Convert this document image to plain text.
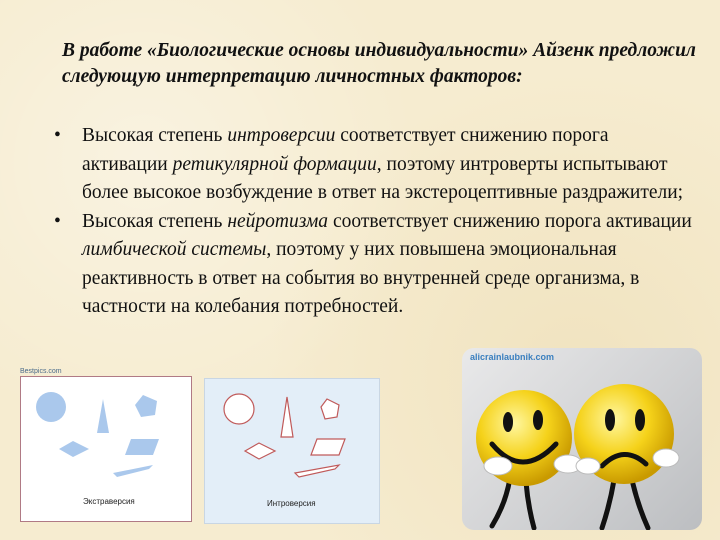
В работе «Биологические основы индивидуальности» Айзенк предложил следующую интерпретацию личностных факторов:
• Высокая степень интроверсии соответствует снижению порога активации ретикулярной формации, поэтому интроверты испытывают более высокое возбуждение в ответ на экстероцептивные раздражители;
• Высокая степень нейротизма соответствует снижению порога активации лимбической системы, поэтому у них повышена эмоциональная реактивность в ответ на события во внутренней среде организма, в частности на колебания потребностей.
Bestpics.com
Экстраверсия	Интроверсия
alicrainlaubnik.com
